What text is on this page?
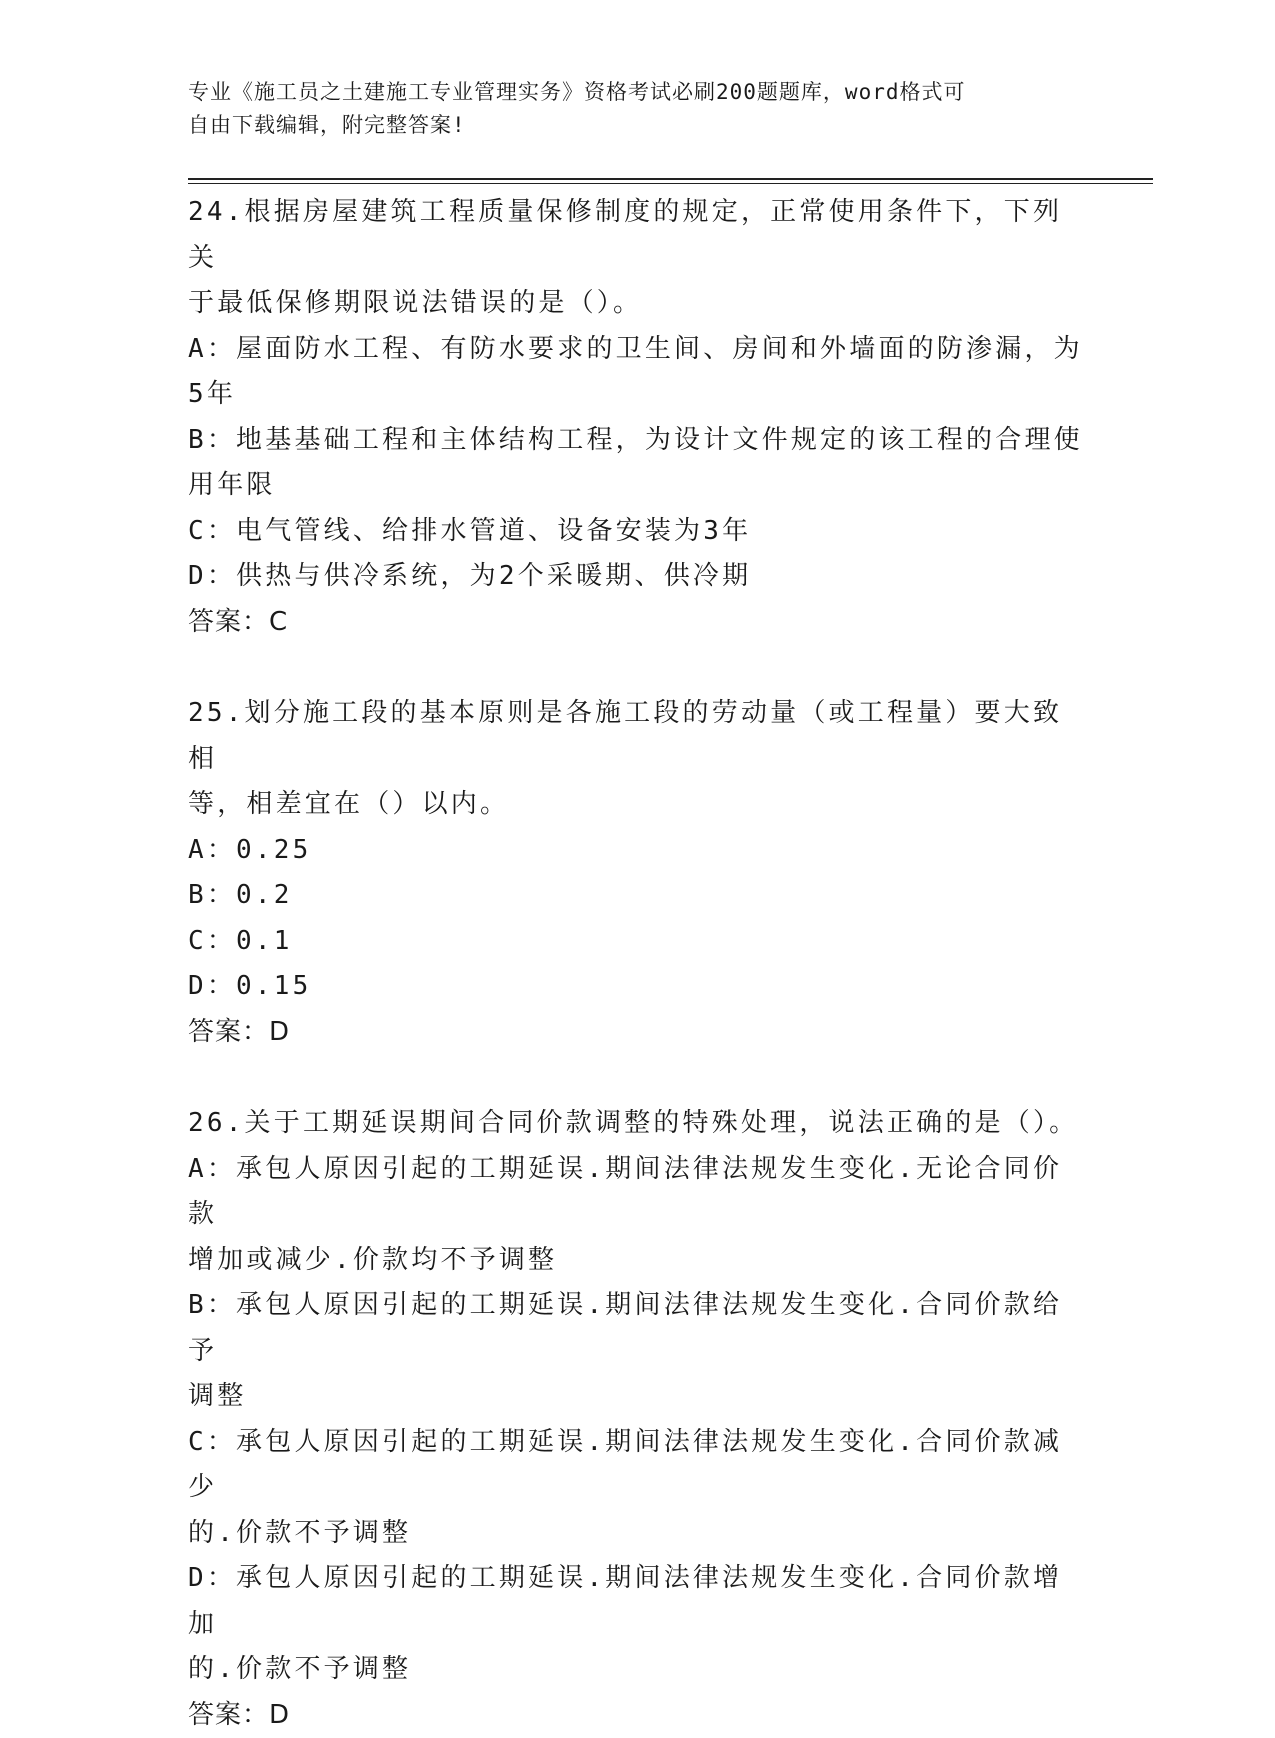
专业《施工员之土建施工专业管理实务》资格考试必刷200题题库，word格式可
自由下载编辑，附完整答案!
24.根据房屋建筑工程质量保修制度的规定，正常使用条件下，下列关
于最低保修期限说法错误的是（）。
A：屋面防水工程、有防水要求的卫生间、房间和外墙面的防渗漏，为
5年
B：地基基础工程和主体结构工程，为设计文件规定的该工程的合理使
用年限
C：电气管线、给排水管道、设备安装为3年
D：供热与供冷系统，为2个采暖期、供冷期
答案：C
25.划分施工段的基本原则是各施工段的劳动量（或工程量）要大致相
等，相差宜在（）以内。
A：0.25
B：0.2
C：0.1
D：0.15
答案：D
26.关于工期延误期间合同价款调整的特殊处理，说法正确的是（）。
A：承包人原因引起的工期延误.期间法律法规发生变化.无论合同价款
增加或减少.价款均不予调整
B：承包人原因引起的工期延误.期间法律法规发生变化.合同价款给予
调整
C：承包人原因引起的工期延误.期间法律法规发生变化.合同价款减少
的.价款不予调整
D：承包人原因引起的工期延误.期间法律法规发生变化.合同价款增加
的.价款不予调整
答案：D
